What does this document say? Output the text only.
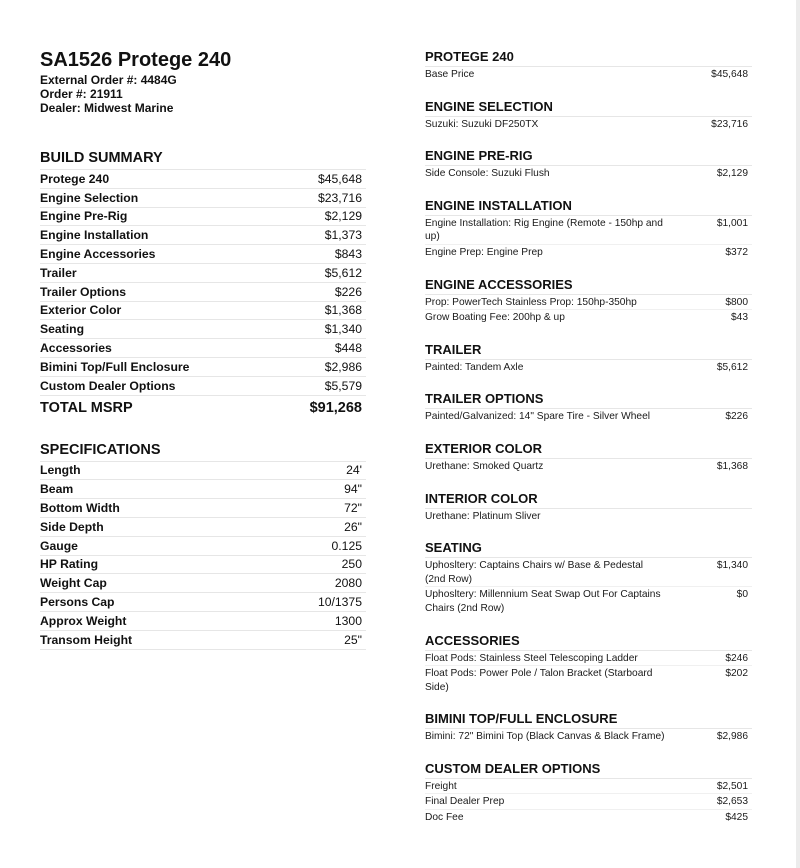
SA1526 Protege 240
External Order #: 4484G
Order #: 21911
Dealer: Midwest Marine
BUILD SUMMARY
Protege 240	$45,648
Engine Selection	$23,716
Engine Pre-Rig	$2,129
Engine Installation	$1,373
Engine Accessories	$843
Trailer	$5,612
Trailer Options	$226
Exterior Color	$1,368
Seating	$1,340
Accessories	$448
Bimini Top/Full Enclosure	$2,986
Custom Dealer Options	$5,579
TOTAL MSRP	$91,268
SPECIFICATIONS
Length	24'
Beam	94"
Bottom Width	72"
Side Depth	26"
Gauge	0.125
HP Rating	250
Weight Cap	2080
Persons Cap	10/1375
Approx Weight	1300
Transom Height	25"
PROTEGE 240
Base Price	$45,648
ENGINE SELECTION
Suzuki: Suzuki DF250TX	$23,716
ENGINE PRE-RIG
Side Console: Suzuki Flush	$2,129
ENGINE INSTALLATION
Engine Installation: Rig Engine (Remote - 150hp and up)
$1,001
Engine Prep: Engine Prep	$372
ENGINE ACCESSORIES
Prop: PowerTech Stainless Prop: 150hp-350hp	$800
Grow Boating Fee: 200hp & up	$43
TRAILER
Painted: Tandem Axle	$5,612
TRAILER OPTIONS
Painted/Galvanized: 14" Spare Tire - Silver Wheel	$226
EXTERIOR COLOR
Urethane: Smoked Quartz	$1,368
INTERIOR COLOR
Urethane: Platinum Sliver
SEATING
Uphosltery: Captains Chairs w/ Base & Pedestal (2nd Row)
$1,340
Uphosltery: Millennium Seat Swap Out For Captains Chairs (2nd Row)
$0
ACCESSORIES
Float Pods: Stainless Steel Telescoping Ladder	$246
Float Pods: Power Pole / Talon Bracket (Starboard Side)
$202
BIMINI TOP/FULL ENCLOSURE
Bimini: 72" Bimini Top (Black Canvas & Black Frame)	$2,986
CUSTOM DEALER OPTIONS
Freight	$2,501
Final Dealer Prep	$2,653
Doc Fee	$425
